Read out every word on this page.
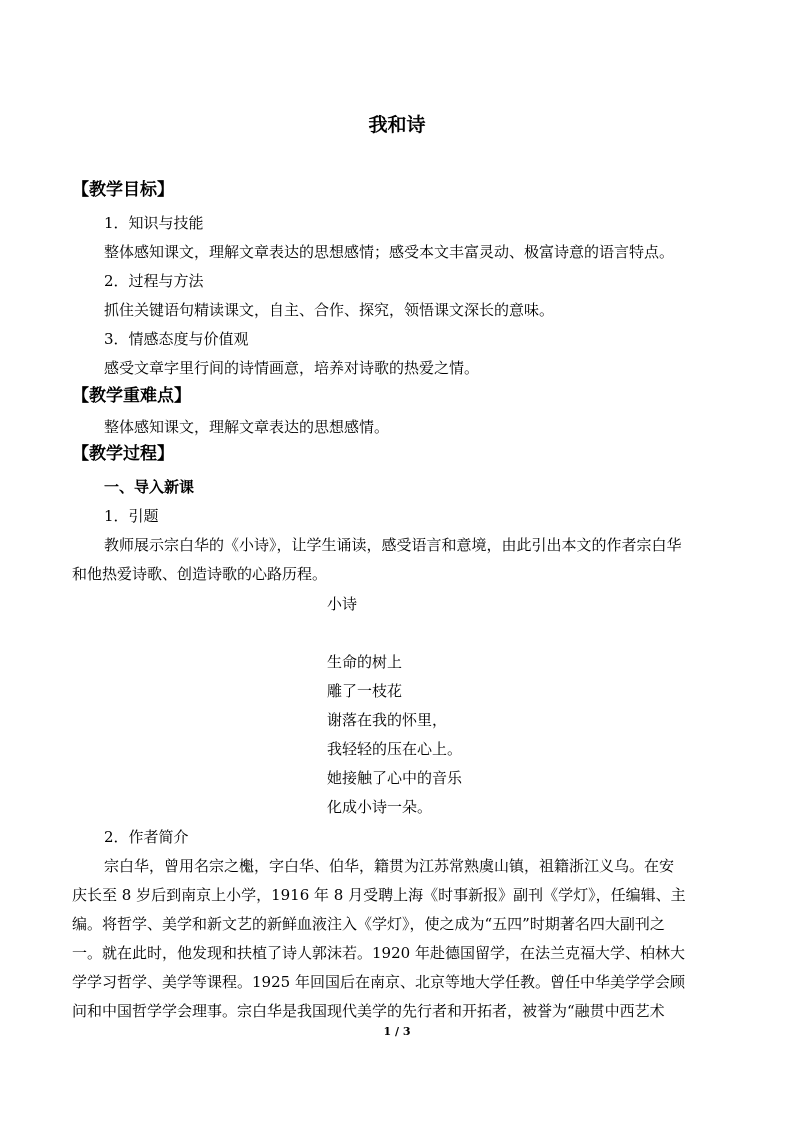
我和诗
【教学目标】
1．知识与技能
整体感知课文，理解文章表达的思想感情；感受本文丰富灵动、极富诗意的语言特点。
2．过程与方法
抓住关键语句精读课文，自主、合作、探究，领悟课文深长的意味。
3．情感态度与价值观
感受文章字里行间的诗情画意，培养对诗歌的热爱之情。
【教学重难点】
整体感知课文，理解文章表达的思想感情。
【教学过程】
一、导入新课
1．引题
教师展示宗白华的《小诗》，让学生诵读，感受语言和意境，由此引出本文的作者宗白华
和他热爱诗歌、创造诗歌的心路历程。
小诗
生命的树上
雕了一枝花
谢落在我的怀里，
我轻轻的压在心上。
她接触了心中的音乐
化成小诗一朵。
2．作者简介
宗白华，曾用名宗之櫆，字白华、伯华，籍贯为江苏常熟虞山镇，祖籍浙江义乌。在安
庆长至 8 岁后到南京上小学，1916 年 8 月受聘上海《时事新报》副刊《学灯》，任编辑、主
编。将哲学、美学和新文艺的新鲜血液注入《学灯》，使之成为“五四”时期著名四大副刊之
一。就在此时，他发现和扶植了诗人郭沫若。1920 年赴德国留学，在法兰克福大学、柏林大
学学习哲学、美学等课程。1925 年回国后在南京、北京等地大学任教。曾任中华美学学会顾
问和中国哲学学会理事。宗白华是我国现代美学的先行者和开拓者，被誉为“融贯中西艺术
1 / 3
